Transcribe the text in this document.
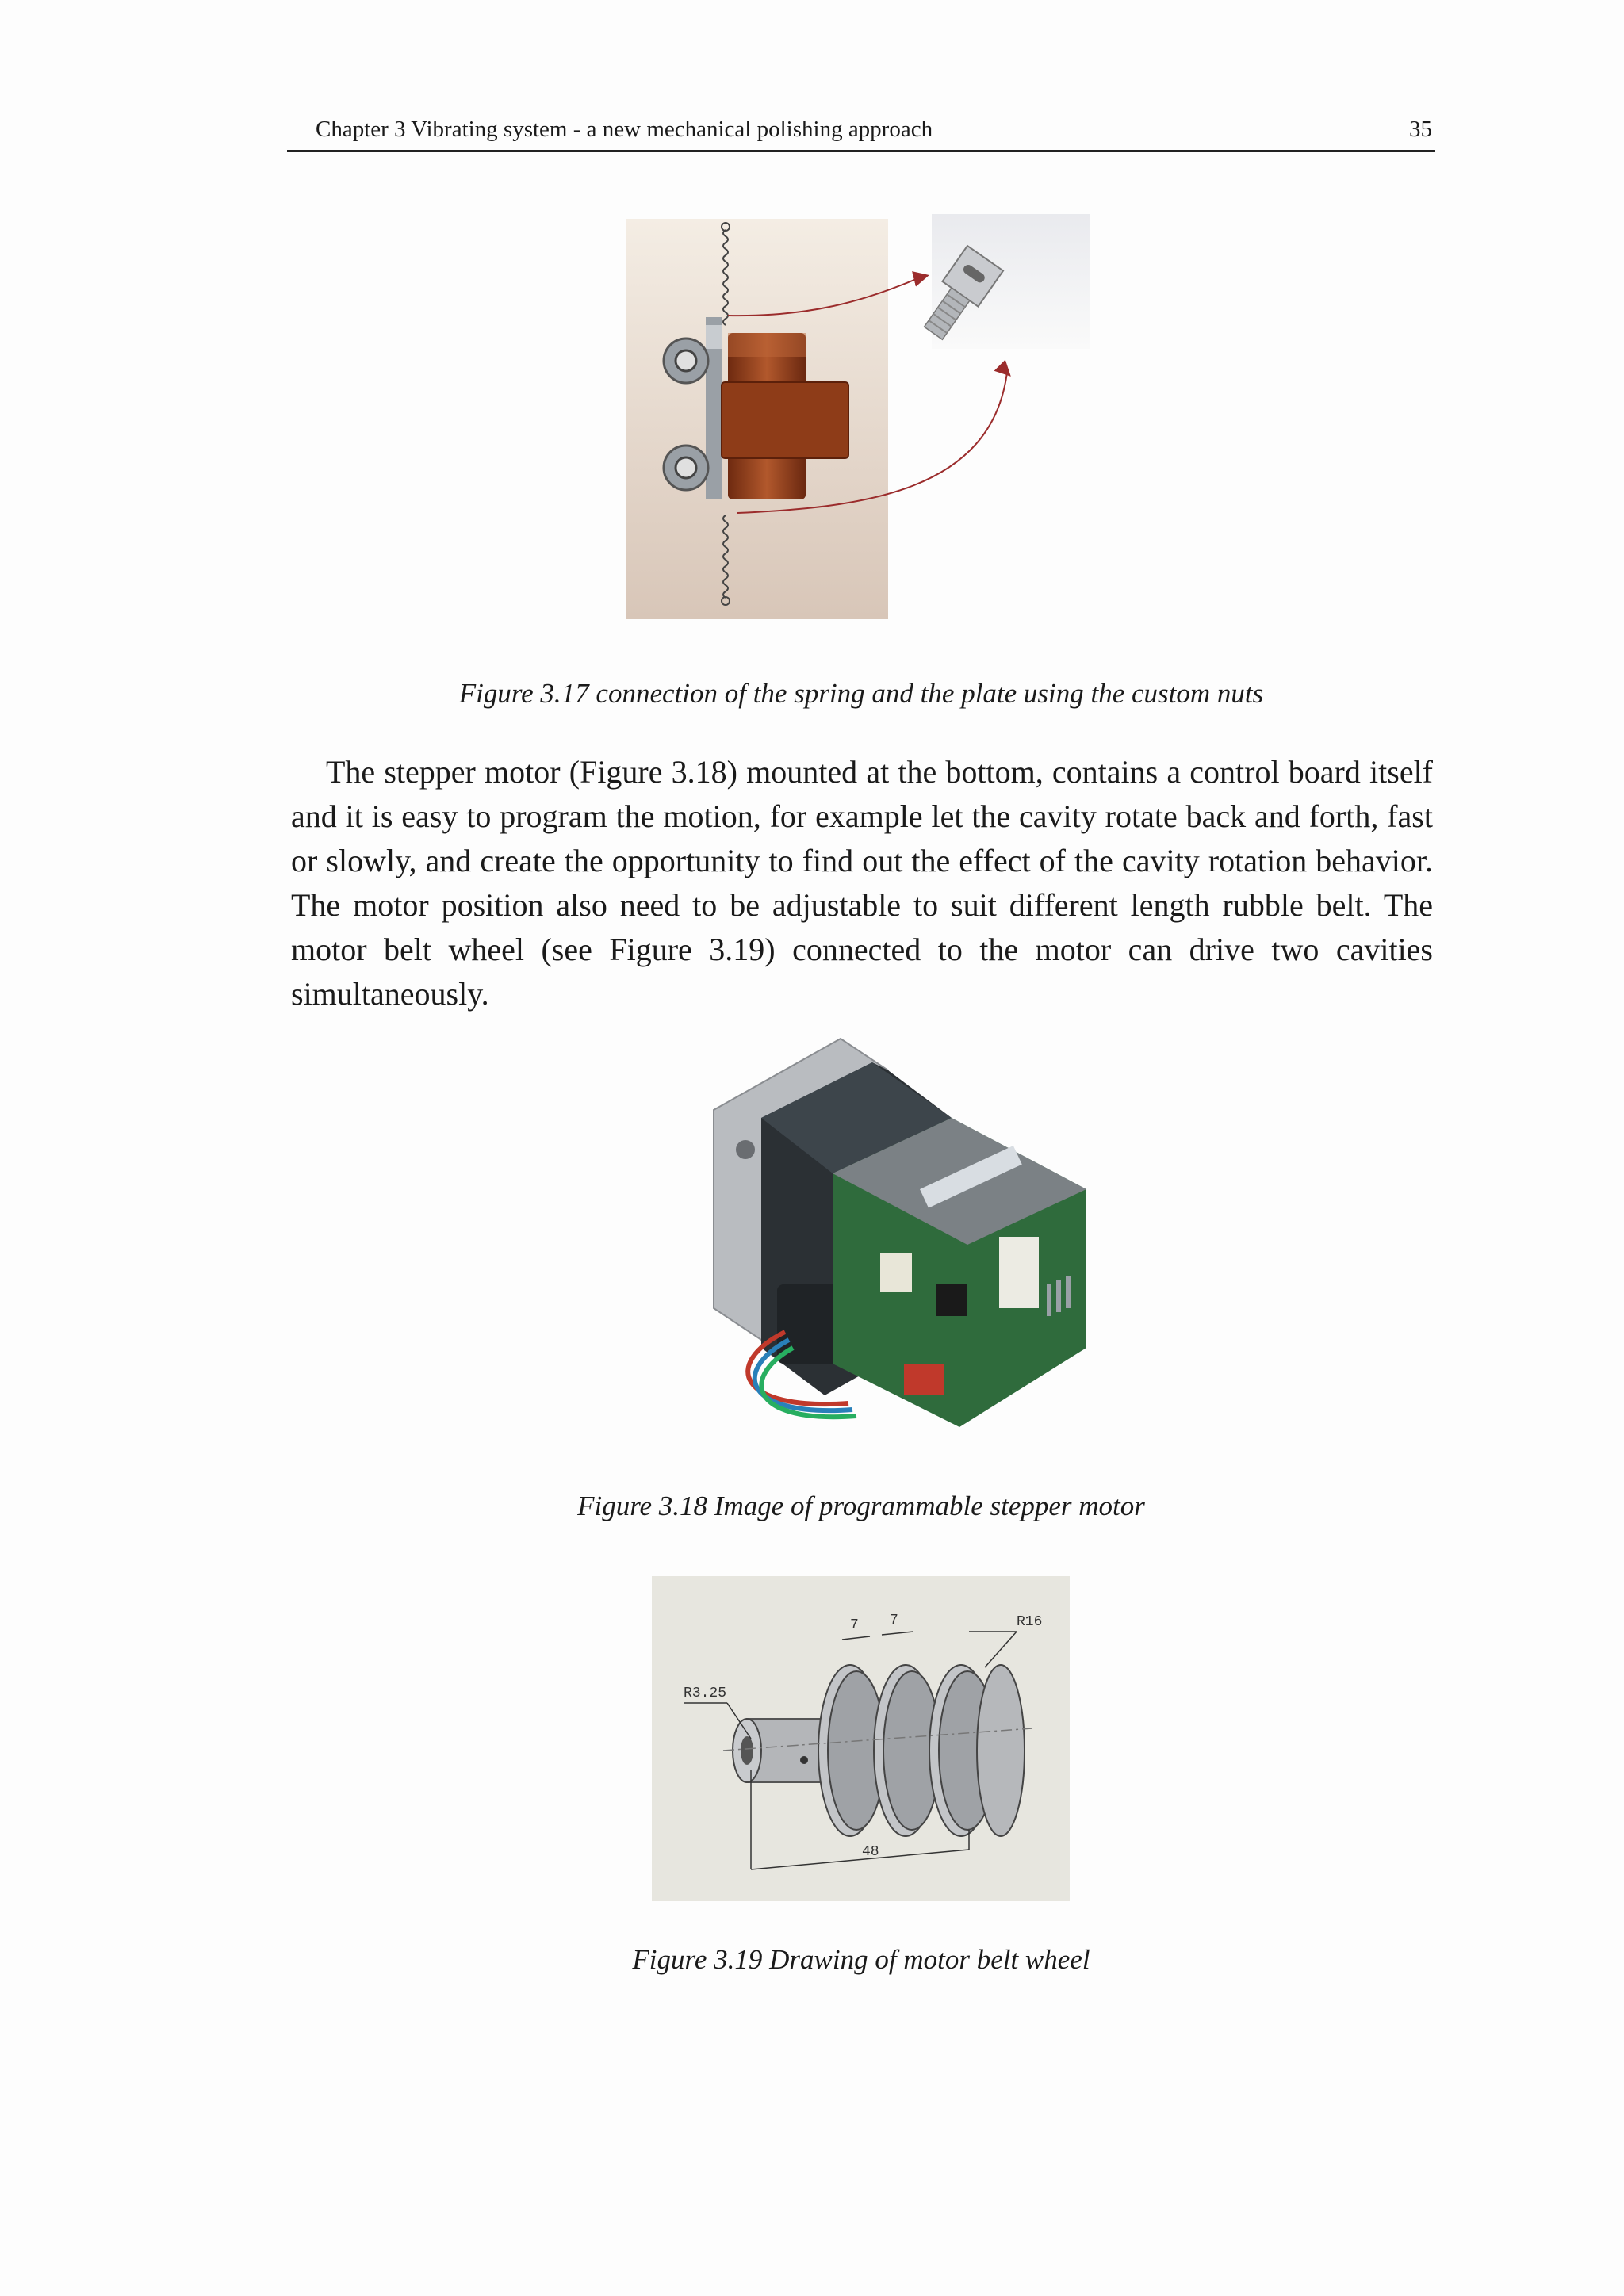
Chapter 3 Vibrating system - a new mechanical polishing approach	35
Figure 3.17 connection of the spring and the plate using the custom nuts

The stepper motor (Figure 3.18) mounted at the bottom, contains a control board itself and it is easy to program the motion, for example let the cavity rotate back and forth, fast or slowly, and create the opportunity to find out the effect of the cavity rotation behavior. The motor position also need to be adjustable to suit different length rubble belt. The motor belt wheel (see Figure 3.19) connected to the motor can drive two cavities simultaneously.

Figure 3.18 Image of programmable stepper motor
7 7	R16
R3.25
48
Figure 3.19 Drawing of motor belt wheel
